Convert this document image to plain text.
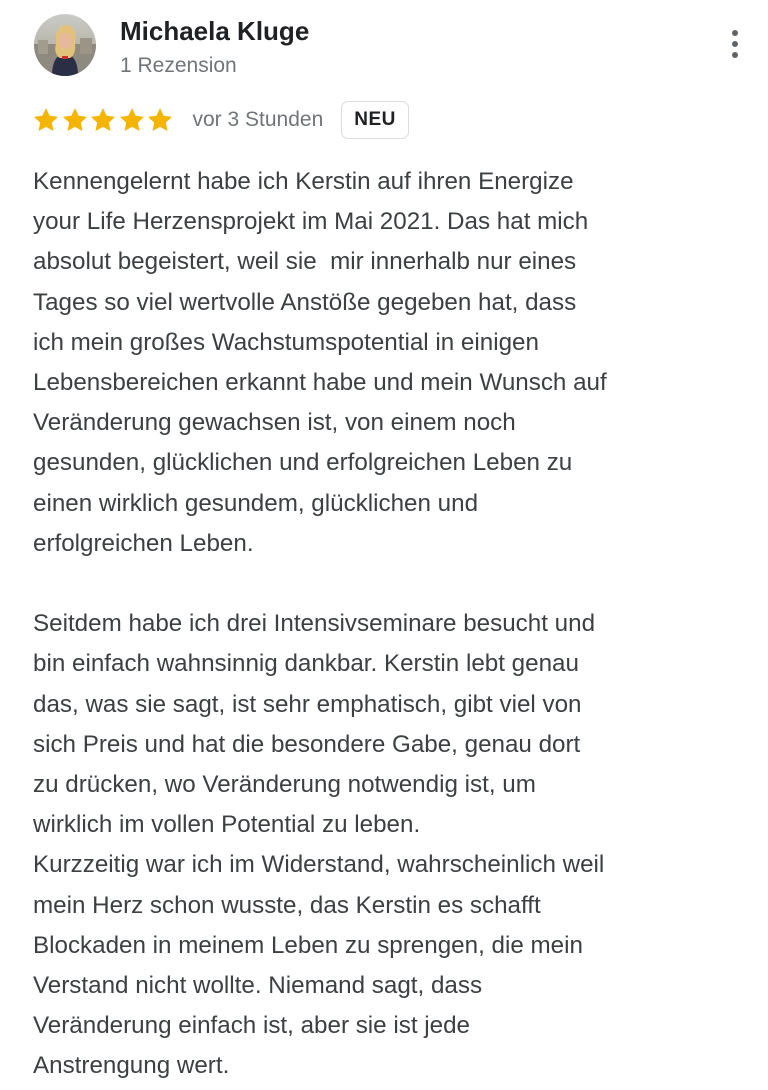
Michaela Kluge
1 Rezension
vor 3 Stunden	NEU

Kennengelernt habe ich Kerstin auf ihren Energize
your Life Herzensprojekt im Mai 2021. Das hat mich
absolut begeistert, weil sie  mir innerhalb nur eines
Tages so viel wertvolle Anstöße gegeben hat, dass
ich mein großes Wachstumspotential in einigen
Lebensbereichen erkannt habe und mein Wunsch auf
Veränderung gewachsen ist, von einem noch
gesunden, glücklichen und erfolgreichen Leben zu
einen wirklich gesundem, glücklichen und
erfolgreichen Leben.

Seitdem habe ich drei Intensivseminare besucht und
bin einfach wahnsinnig dankbar. Kerstin lebt genau
das, was sie sagt, ist sehr emphatisch, gibt viel von
sich Preis und hat die besondere Gabe, genau dort
zu drücken, wo Veränderung notwendig ist, um
wirklich im vollen Potential zu leben.

Kurzzeitig war ich im Widerstand, wahrscheinlich weil
mein Herz schon wusste, das Kerstin es schafft
Blockaden in meinem Leben zu sprengen, die mein
Verstand nicht wollte. Niemand sagt, dass
Veränderung einfach ist, aber sie ist jede
Anstrengung wert.
